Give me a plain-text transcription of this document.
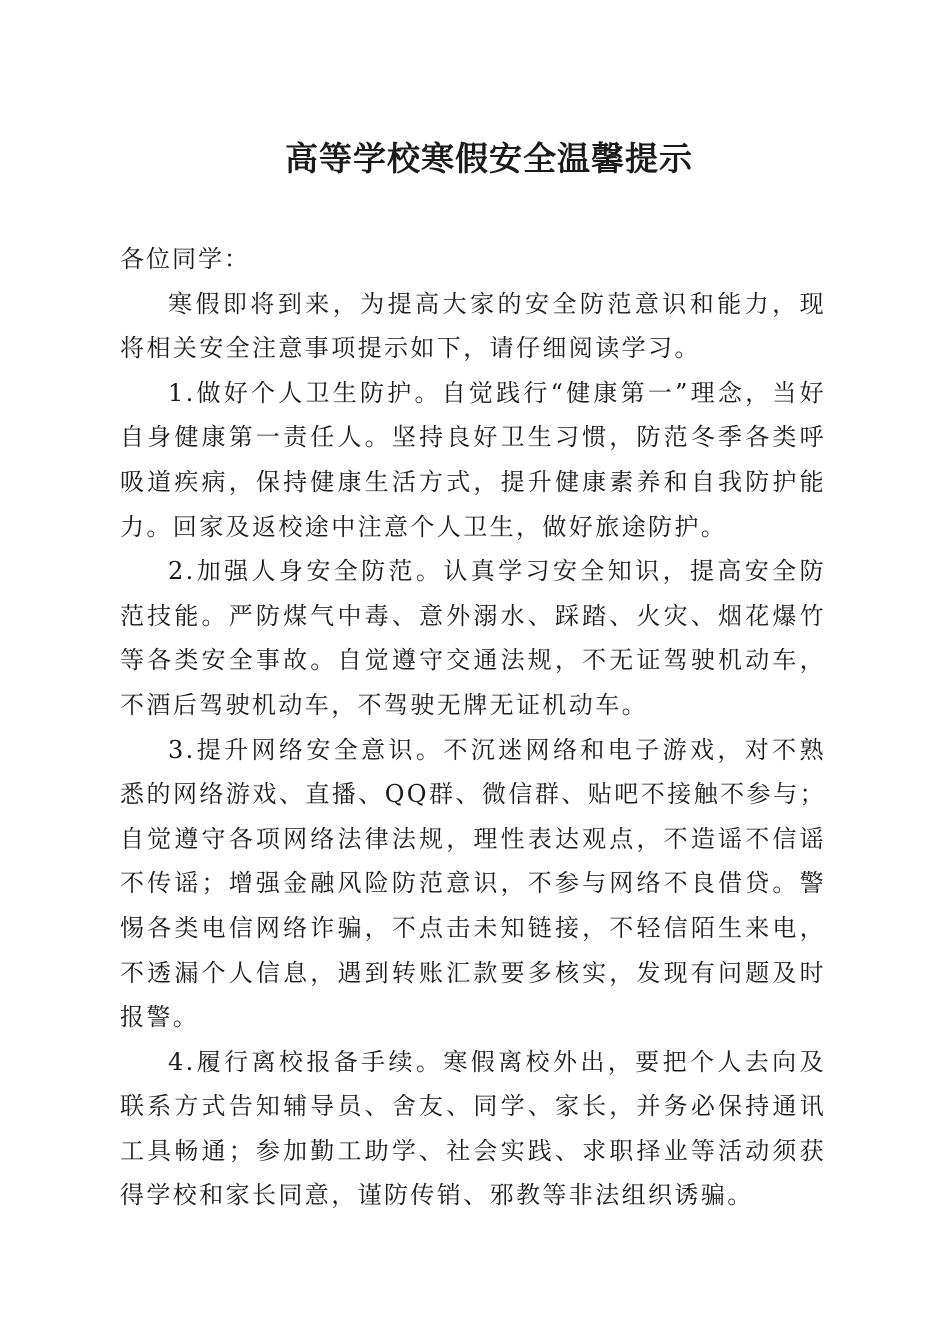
高等学校寒假安全温馨提示

各位同学：

寒假即将到来，为提高大家的安全防范意识和能力，现将相关安全注意事项提示如下，请仔细阅读学习。

1.做好个人卫生防护。自觉践行“健康第一”理念，当好自身健康第一责任人。坚持良好卫生习惯，防范冬季各类呼吸道疾病，保持健康生活方式，提升健康素养和自我防护能力。回家及返校途中注意个人卫生，做好旅途防护。

2.加强人身安全防范。认真学习安全知识，提高安全防范技能。严防煤气中毒、意外溺水、踩踏、火灾、烟花爆竹等各类安全事故。自觉遵守交通法规，不无证驾驶机动车，不酒后驾驶机动车，不驾驶无牌无证机动车。

3.提升网络安全意识。不沉迷网络和电子游戏，对不熟悉的网络游戏、直播、QQ群、微信群、贴吧不接触不参与；自觉遵守各项网络法律法规，理性表达观点，不造谣不信谣不传谣；增强金融风险防范意识，不参与网络不良借贷。警惕各类电信网络诈骗，不点击未知链接，不轻信陌生来电，不透漏个人信息，遇到转账汇款要多核实，发现有问题及时报警。

4.履行离校报备手续。寒假离校外出，要把个人去向及联系方式告知辅导员、舍友、同学、家长，并务必保持通讯工具畅通；参加勤工助学、社会实践、求职择业等活动须获得学校和家长同意，谨防传销、邪教等非法组织诱骗。
